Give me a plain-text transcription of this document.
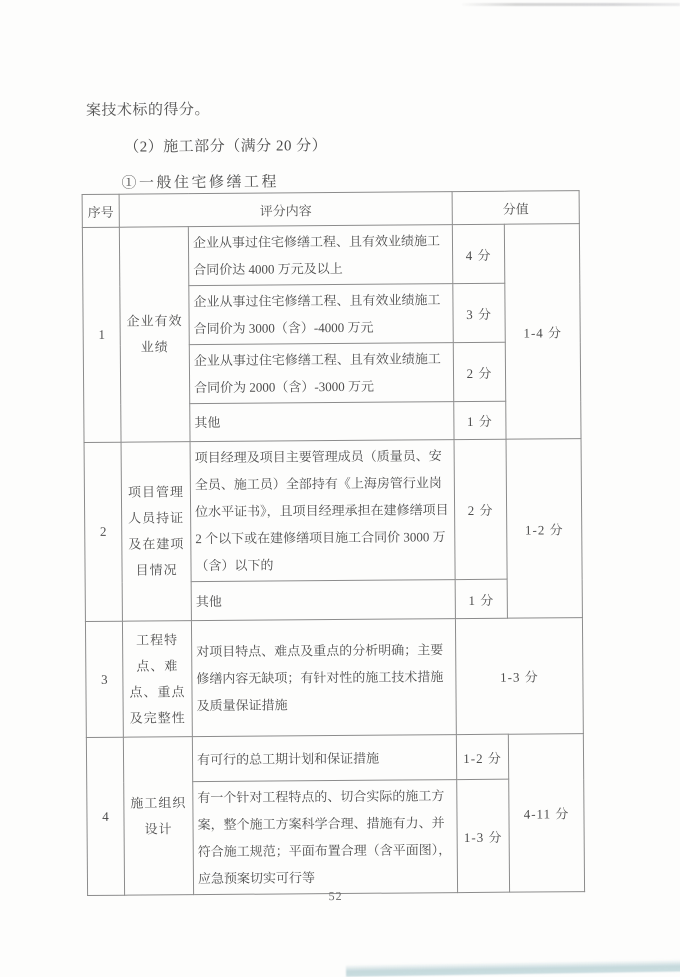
案技术标的得分。

（2）施工部分（满分 20 分）

①一般住宅修缮工程

序号	评分内容		分值	
1	企业有效业绩	企业从事过住宅修缮工程、且有效业绩施工合同价达 4000 万元及以上	4 分	1-4 分
		企业从事过住宅修缮工程、且有效业绩施工合同价为 3000（含）-4000 万元	3 分	
		企业从事过住宅修缮工程、且有效业绩施工合同价为 2000（含）-3000 万元	2 分	
		其他	1 分	
2	项目管理人员持证及在建项目情况	项目经理及项目主要管理成员（质量员、安全员、施工员）全部持有《上海房管行业岗位水平证书》，且项目经理承担在建修缮项目 2 个以下或在建修缮项目施工合同价 3000 万（含）以下的	2 分	1-2 分
		其他	1 分	
3	工程特点、难点、重点及完整性	对项目特点、难点及重点的分析明确；主要修缮内容无缺项；有针对性的施工技术措施及质量保证措施	1-3 分	
4	施工组织设计	有可行的总工期计划和保证措施	1-2 分	4-11 分
		有一个针对工程特点的、切合实际的施工方案，整个施工方案科学合理、措施有力、并符合施工规范；平面布置合理（含平面图），应急预案切实可行等	1-3 分	
52
